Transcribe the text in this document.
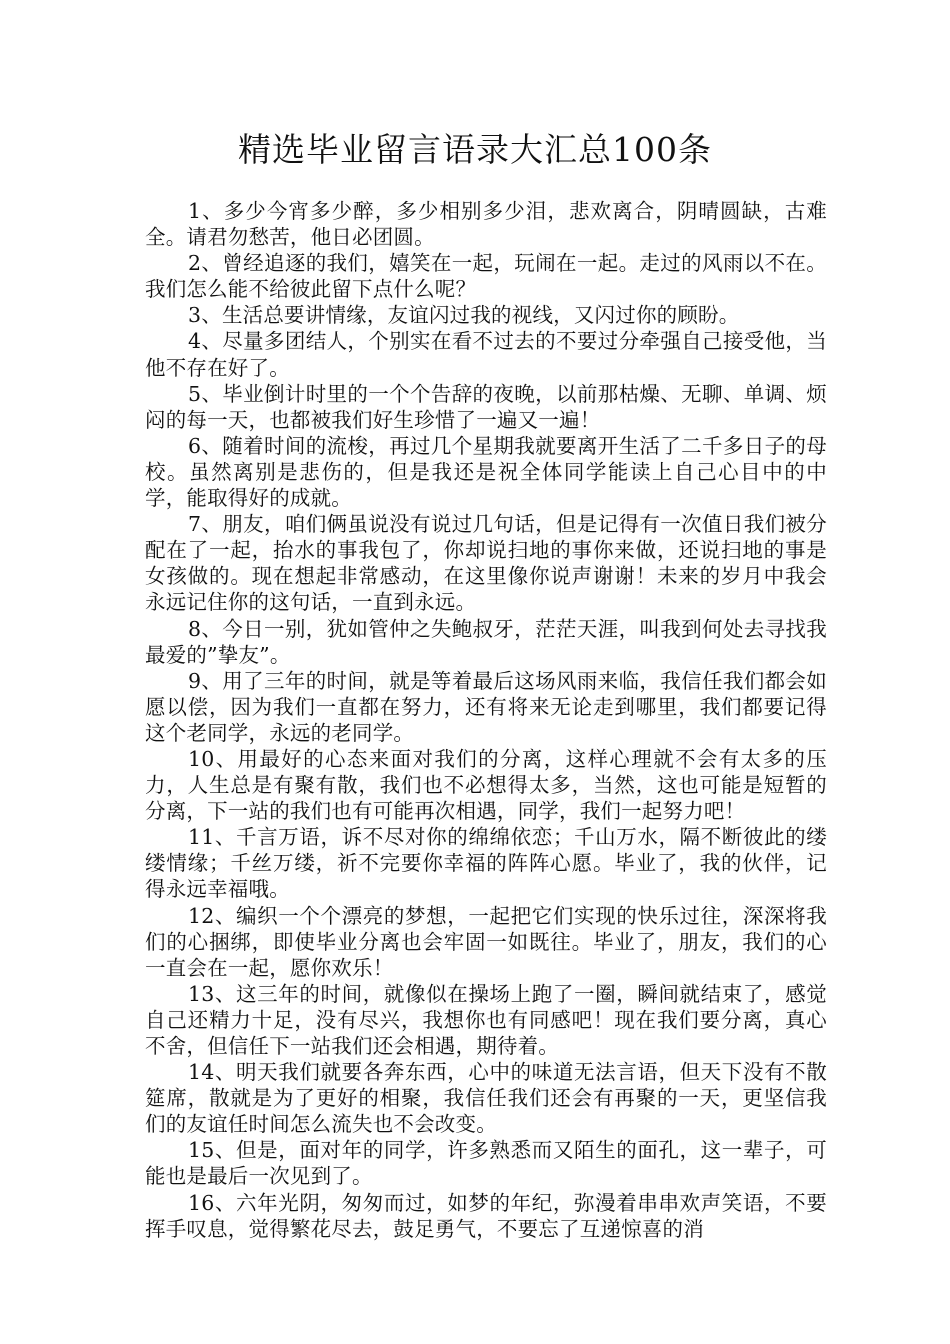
精选毕业留言语录大汇总100条

1、多少今宵多少醉，多少相别多少泪，悲欢离合，阴晴圆缺，古难全。请君勿愁苦，他日必团圆。

2、曾经追逐的我们，嬉笑在一起，玩闹在一起。走过的风雨以不在。我们怎么能不给彼此留下点什么呢？

3、生活总要讲情缘，友谊闪过我的视线，又闪过你的顾盼。

4、尽量多团结人，个别实在看不过去的不要过分牵强自己接受他，当他不存在好了。

5、毕业倒计时里的一个个告辞的夜晚，以前那枯燥、无聊、单调、烦闷的每一天，也都被我们好生珍惜了一遍又一遍！

6、随着时间的流梭，再过几个星期我就要离开生活了二千多日子的母校。虽然离别是悲伤的，但是我还是祝全体同学能读上自己心目中的中学，能取得好的成就。

7、朋友，咱们俩虽说没有说过几句话，但是记得有一次值日我们被分配在了一起，抬水的事我包了，你却说扫地的事你来做，还说扫地的事是女孩做的。现在想起非常感动，在这里像你说声谢谢！未来的岁月中我会永远记住你的这句话，一直到永远。

8、今日一别，犹如管仲之失鲍叔牙，茫茫天涯，叫我到何处去寻找我最爱的”挚友”。

9、用了三年的时间，就是等着最后这场风雨来临，我信任我们都会如愿以偿，因为我们一直都在努力，还有将来无论走到哪里，我们都要记得这个老同学，永远的老同学。

10、用最好的心态来面对我们的分离，这样心理就不会有太多的压力，人生总是有聚有散，我们也不必想得太多，当然，这也可能是短暂的分离，下一站的我们也有可能再次相遇，同学，我们一起努力吧！

11、千言万语，诉不尽对你的绵绵依恋；千山万水，隔不断彼此的缕缕情缘；千丝万缕，祈不完要你幸福的阵阵心愿。毕业了，我的伙伴，记得永远幸福哦。

12、编织一个个漂亮的梦想，一起把它们实现的快乐过往，深深将我们的心捆绑，即使毕业分离也会牢固一如既往。毕业了，朋友，我们的心一直会在一起，愿你欢乐！

13、这三年的时间，就像似在操场上跑了一圈，瞬间就结束了，感觉自己还精力十足，没有尽兴，我想你也有同感吧！现在我们要分离，真心不舍，但信任下一站我们还会相遇，期待着。

14、明天我们就要各奔东西，心中的味道无法言语，但天下没有不散筵席，散就是为了更好的相聚，我信任我们还会有再聚的一天，更坚信我们的友谊任时间怎么流失也不会改变。

15、但是，面对年的同学，许多熟悉而又陌生的面孔，这一辈子，可能也是最后一次见到了。

16、六年光阴，匆匆而过，如梦的年纪，弥漫着串串欢声笑语，不要挥手叹息，觉得繁花尽去，鼓足勇气，不要忘了互递惊喜的消
